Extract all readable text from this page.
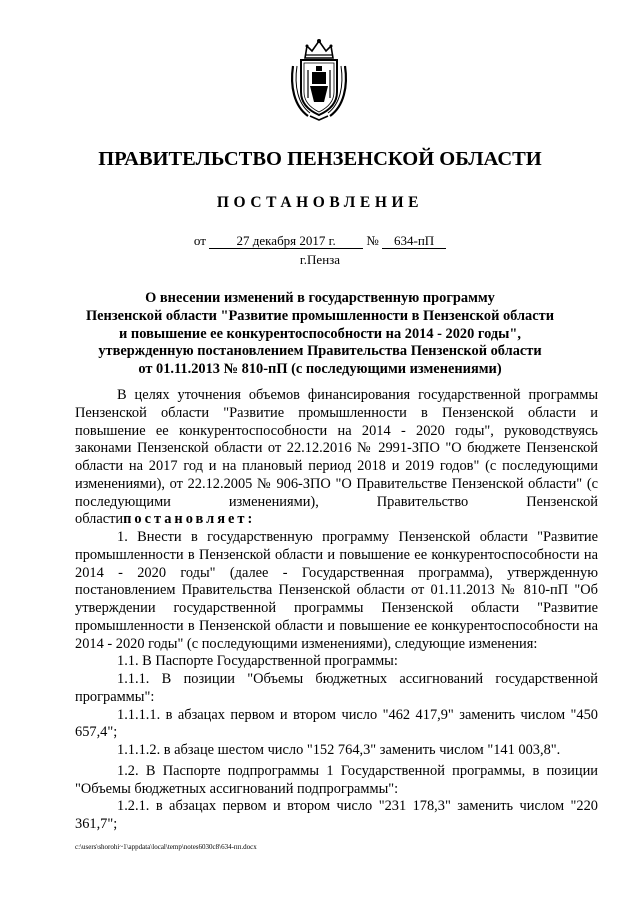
ПРАВИТЕЛЬСТВО ПЕНЗЕНСКОЙ ОБЛАСТИ
ПОСТАНОВЛЕНИЕ
от 27 декабря 2017 г. № 634-пП
г.Пенза
О внесении изменений в государственную программу
Пензенской области "Развитие промышленности в Пензенской области
и повышение ее конкурентоспособности на 2014 - 2020 годы",
утвержденную постановлением Правительства Пензенской области
от 01.11.2013 № 810-пП (с последующими изменениями)

В целях уточнения объемов финансирования государственной программы Пензенской области "Развитие промышленности в Пензенской области и повышение ее конкурентоспособности на 2014 - 2020 годы", руководствуясь законами Пензенской области от 22.12.2016 № 2991-ЗПО "О бюджете Пензенской области на 2017 год и на плановый период 2018 и 2019 годов" (с последующими изменениями), от 22.12.2005 № 906-ЗПО "О Правительстве Пензенской области" (с последующими изменениями), Правительство Пензенской областипостановляет:

1. Внести в государственную программу Пензенской области "Развитие промышленности в Пензенской области и повышение ее конкурентоспособности на 2014 - 2020 годы" (далее - Государственная программа), утвержденную постановлением Правительства Пензенской области от 01.11.2013 № 810-пП "Об утверждении государственной программы Пензенской области "Развитие промышленности в Пензенской области и повышение ее конкурентоспособности на 2014 - 2020 годы" (с последующими изменениями), следующие изменения:

1.1. В Паспорте Государственной программы:

1.1.1. В позиции "Объемы бюджетных ассигнований государственной программы":

1.1.1.1. в абзацах первом и втором число "462 417,9" заменить числом "450 657,4";

1.1.1.2. в абзаце шестом число "152 764,3" заменить числом "141 003,8".

1.2. В Паспорте подпрограммы 1 Государственной программы, в позиции "Объемы бюджетных ассигнований подпрограммы":

1.2.1. в абзацах первом и втором число "231 178,3" заменить числом "220 361,7";

c:\users\shorohi~1\appdata\local\temp\notes6030c8\634-пп.docx
